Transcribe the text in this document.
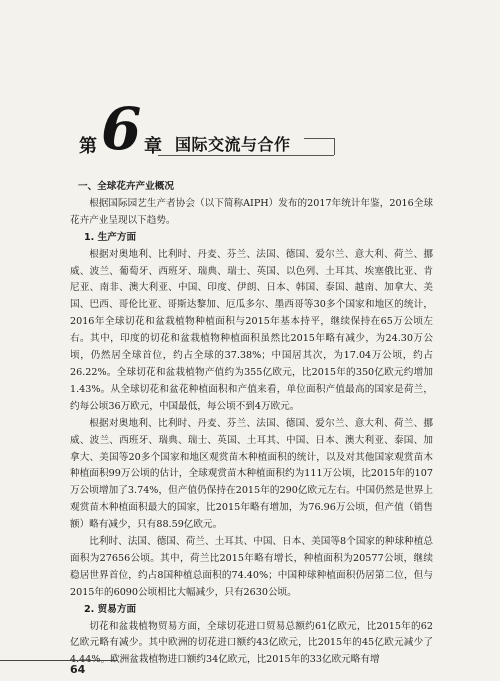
第 6 章 国际交流与合作

一、全球花卉产业概况

根据国际园艺生产者协会（以下简称AIPH）发布的2017年统计年鉴，2016全球花卉产业呈现以下趋势。

1. 生产方面

根据对奥地利、比利时、丹麦、芬兰、法国、德国、爱尔兰、意大利、荷兰、挪威、波兰、葡萄牙、西班牙、瑞典、瑞士、英国、以色列、土耳其、埃塞俄比亚、肯尼亚、南非、澳大利亚、中国、印度、伊朗、日本、韩国、泰国、越南、加拿大、美国、巴西、哥伦比亚、哥斯达黎加、厄瓜多尔、墨西哥等30多个国家和地区的统计，2016年全球切花和盆栽植物种植面积与2015年基本持平，继续保持在65万公顷左右。其中，印度的切花和盆栽植物种植面积虽然比2015年略有减少，为24.30万公顷，仍然居全球首位，约占全球的37.38%；中国居其次，为17.04万公顷，约占26.22%。全球切花和盆栽植物产值约为355亿欧元，比2015年的350亿欧元约增加1.43%。从全球切花和盆花种植面积和产值来看，单位面积产值最高的国家是荷兰，约每公顷36万欧元，中国最低，每公顷不到4万欧元。

根据对奥地利、比利时、丹麦、芬兰、法国、德国、爱尔兰、意大利、荷兰、挪威、波兰、西班牙、瑞典、瑞士、英国、土耳其、中国、日本、澳大利亚、泰国、加拿大、美国等20多个国家和地区观赏苗木种植面积的统计，以及对其他国家观赏苗木种植面积99万公顷的估计，全球观赏苗木种植面积约为111万公顷，比2015年的107万公顷增加了3.74%，但产值仍保持在2015年的290亿欧元左右。中国仍然是世界上观赏苗木种植面积最大的国家，比2015年略有增加，为76.96万公顷，但产值（销售额）略有减少，只有88.59亿欧元。

比利时、法国、德国、荷兰、土耳其、中国、日本、美国等8个国家的种球种植总面积为27656公顷。其中，荷兰比2015年略有增长，种植面积为20577公顷，继续稳居世界首位，约占8国种植总面积的74.40%；中国种球种植面积仍居第二位，但与2015年的6090公顷相比大幅减少，只有2630公顷。

2. 贸易方面

切花和盆栽植物贸易方面，全球切花进口贸易总额约61亿欧元，比2015年的62亿欧元略有减少。其中欧洲的切花进口额约43亿欧元，比2015年的45亿欧元减少了4.44%。欧洲盆栽植物进口额约34亿欧元，比2015年的33亿欧元略有增

64
